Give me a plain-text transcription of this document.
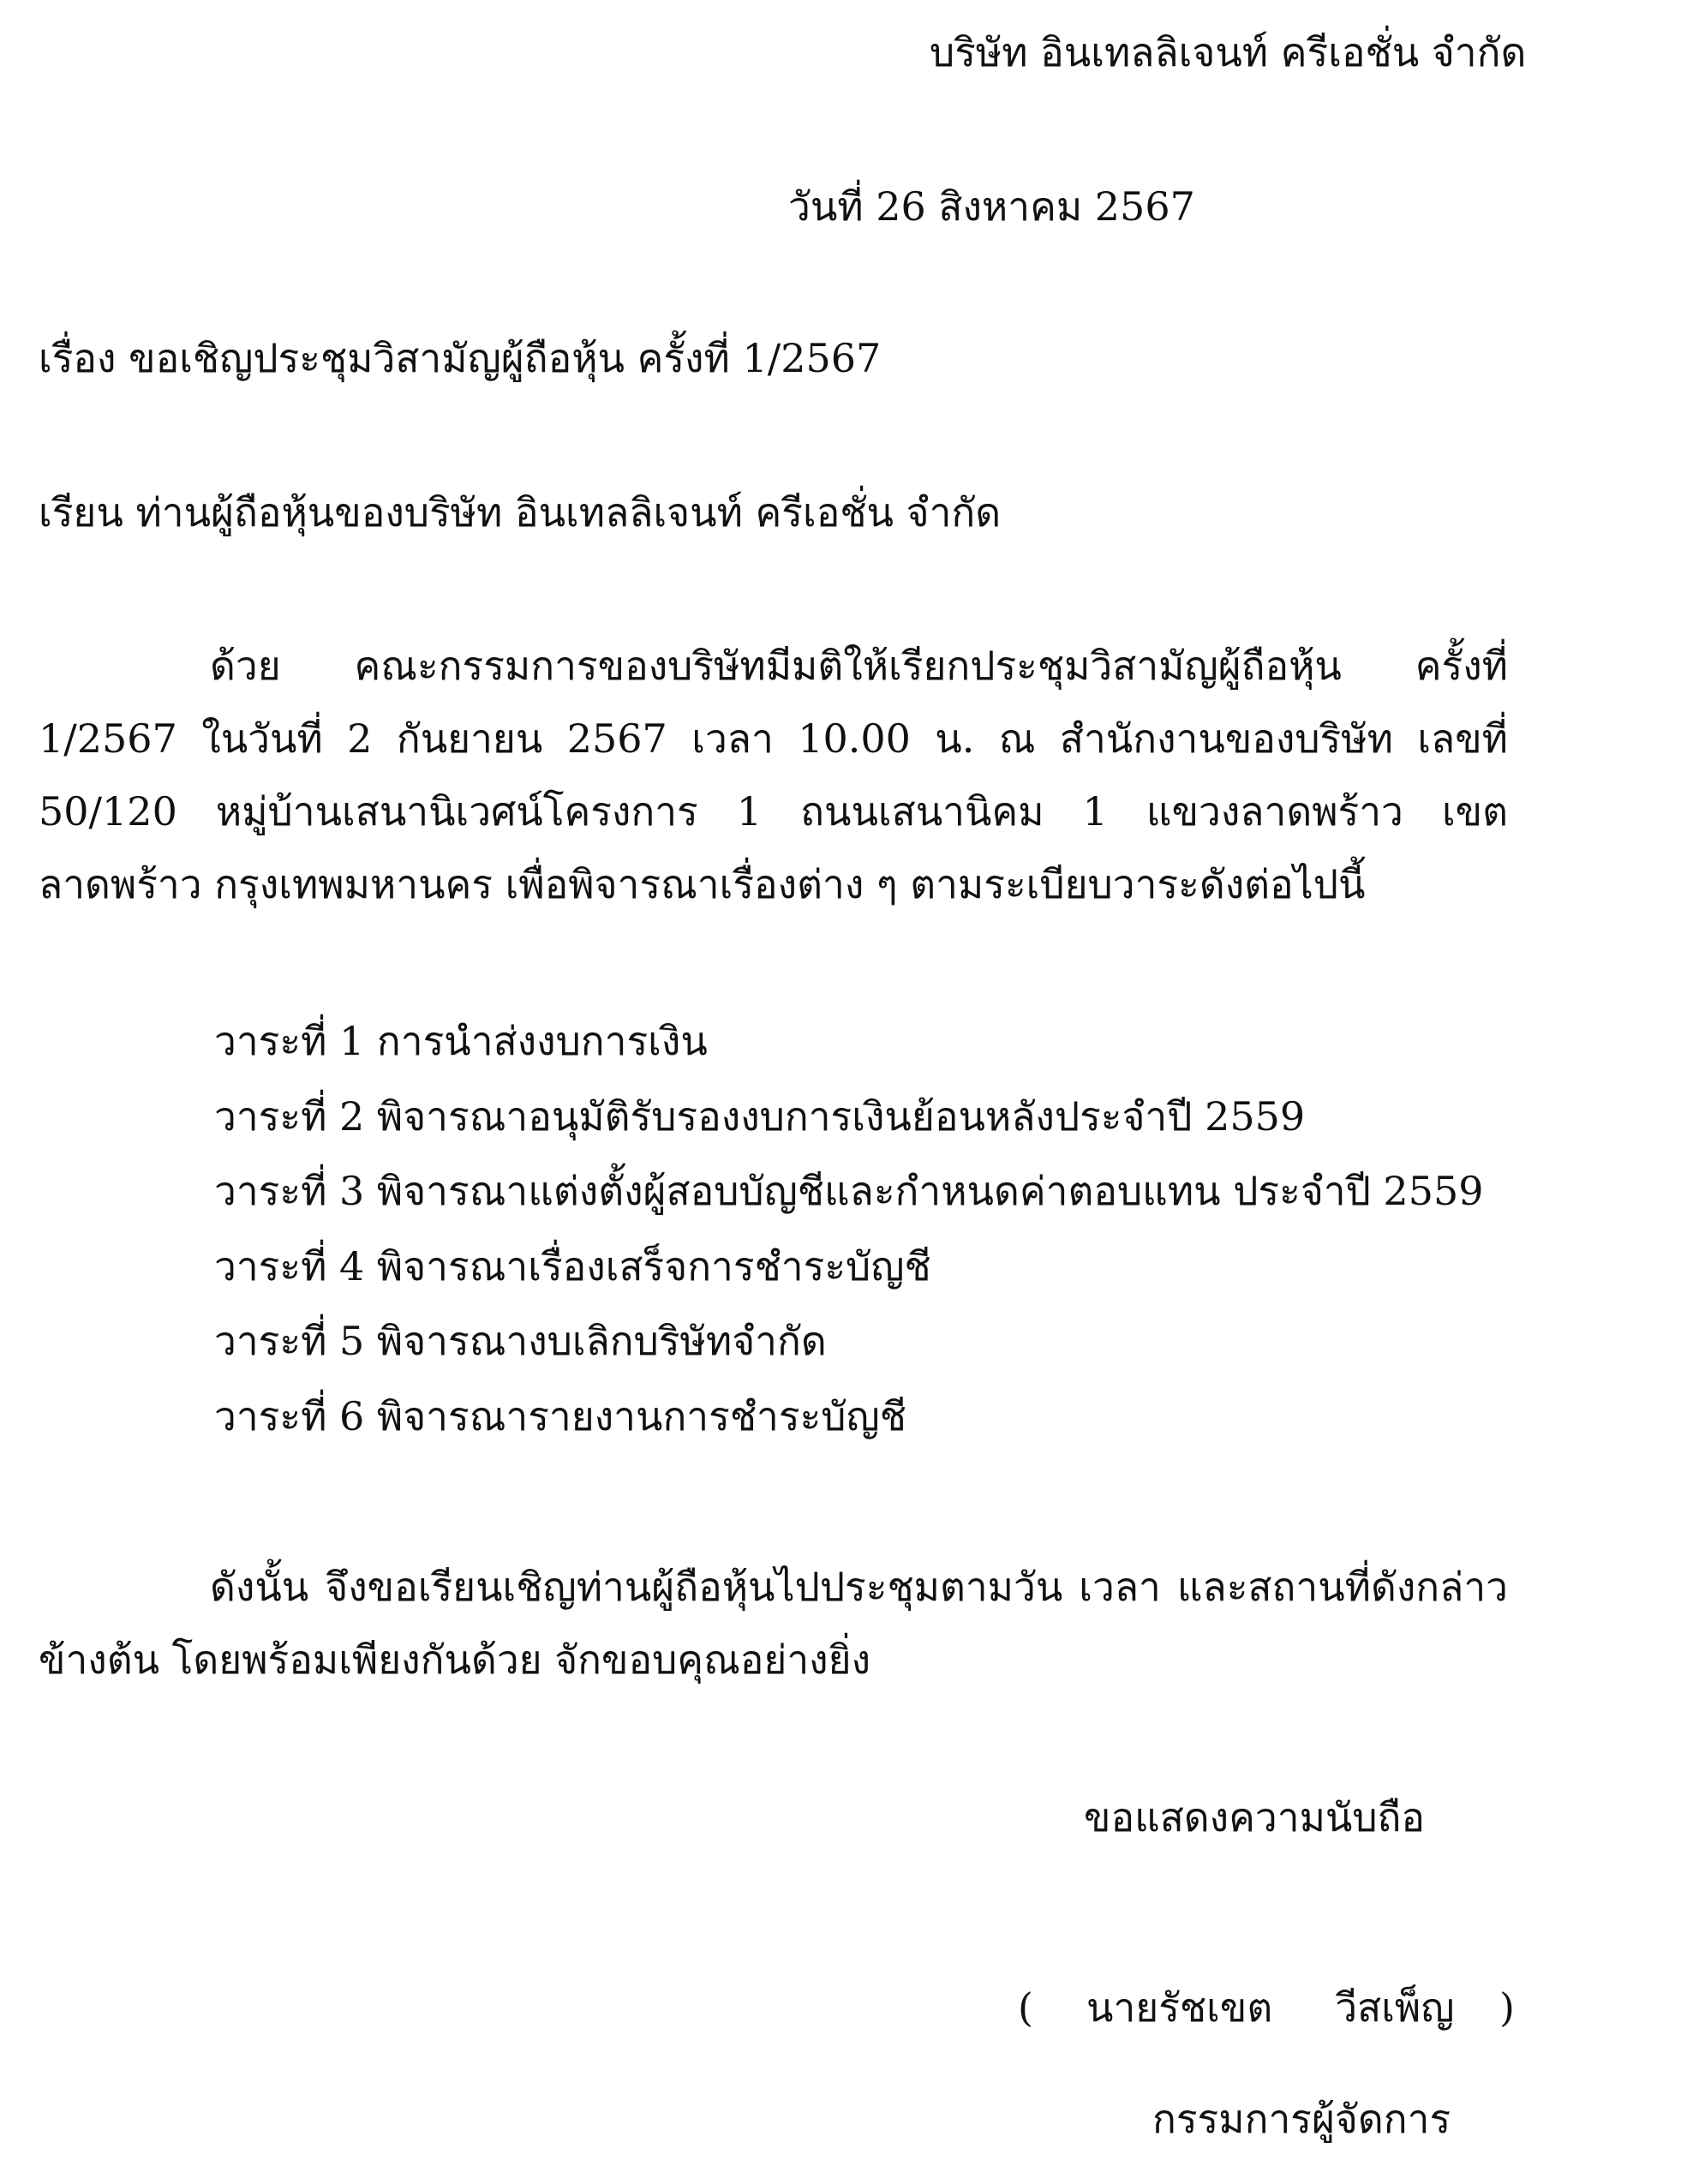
บริษัท อินเทลลิเจนท์ ครีเอชั่น จำกัด
วันที่ 26 สิงหาคม 2567
เรื่อง ขอเชิญประชุมวิสามัญผู้ถือหุ้น ครั้งที่ 1/2567
เรียน ท่านผู้ถือหุ้นของบริษัท อินเทลลิเจนท์ ครีเอชั่น จำกัด
ด้วย คณะกรรมการของบริษัทมีมติให้เรียกประชุมวิสามัญผู้ถือหุ้น ครั้งที่ 1/2567 ในวันที่ 2 กันยายน 2567 เวลา 10.00 น. ณ สำนักงานของบริษัท เลขที่ 50/120 หมู่บ้านเสนานิเวศน์โครงการ 1 ถนนเสนานิคม 1 แขวงลาดพร้าว เขตลาดพร้าว กรุงเทพมหานคร เพื่อพิจารณาเรื่องต่าง ๆ ตามระเบียบวาระดังต่อไปนี้
วาระที่ 1 การนำส่งงบการเงิน
วาระที่ 2 พิจารณาอนุมัติรับรองงบการเงินย้อนหลังประจำปี 2559
วาระที่ 3 พิจารณาแต่งตั้งผู้สอบบัญชีและกำหนดค่าตอบแทน ประจำปี 2559
วาระที่ 4 พิจารณาเรื่องเสร็จการชำระบัญชี
วาระที่ 5 พิจารณางบเลิกบริษัทจำกัด
วาระที่ 6 พิจารณารายงานการชำระบัญชี
ดังนั้น จึงขอเรียนเชิญท่านผู้ถือหุ้นไปประชุมตามวัน เวลา และสถานที่ดังกล่าวข้างต้น โดยพร้อมเพียงกันด้วย จักขอบคุณอย่างยิ่ง
ขอแสดงความนับถือ
( นายรัชเขต     วีสเพ็ญ )
กรรมการผู้จัดการ
